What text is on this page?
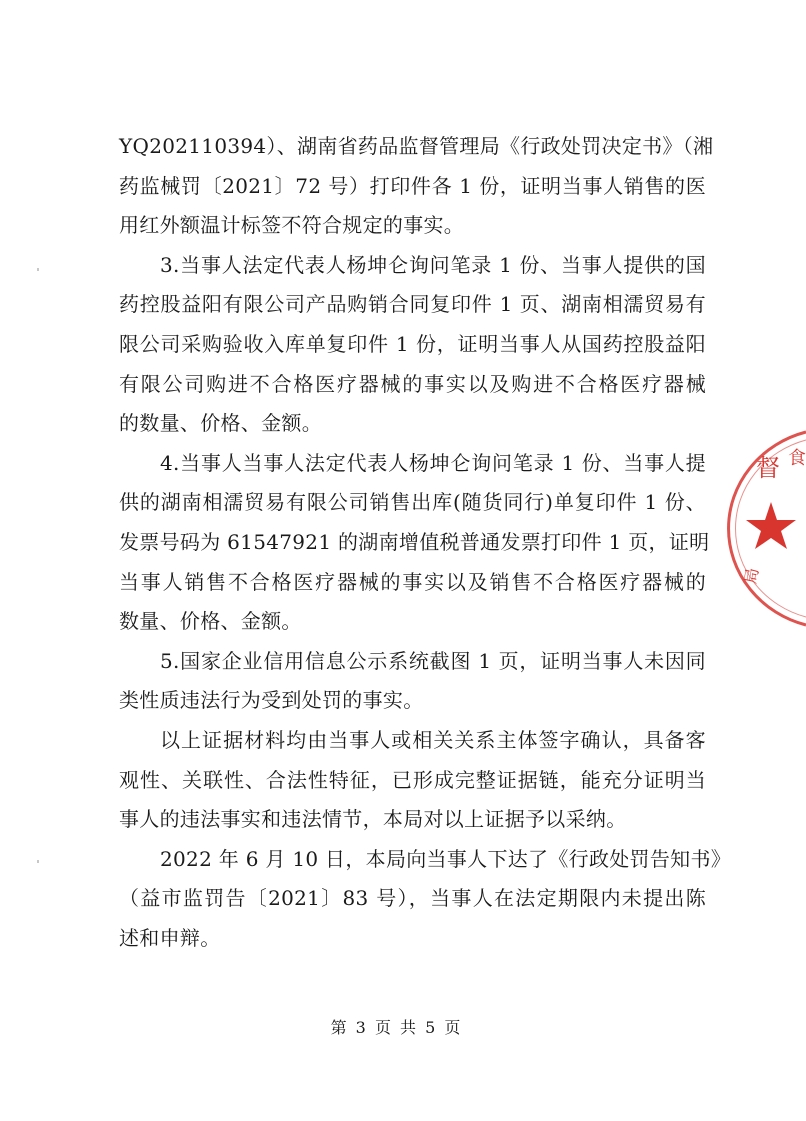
YQ202110394）、湖南省药品监督管理局《行政处罚决定书》（湘
药监械罚〔2021〕72 号）打印件各 1 份，证明当事人销售的医
用红外额温计标签不符合规定的事实。
3.当事人法定代表人杨坤仑询问笔录 1 份、当事人提供的国
药控股益阳有限公司产品购销合同复印件 1 页、湖南相濡贸易有
限公司采购验收入库单复印件 1 份，证明当事人从国药控股益阳
有限公司购进不合格医疗器械的事实以及购进不合格医疗器械
的数量、价格、金额。
4.当事人当事人法定代表人杨坤仑询问笔录 1 份、当事人提
供的湖南相濡贸易有限公司销售出库(随货同行)单复印件 1 份、
发票号码为 61547921 的湖南增值税普通发票打印件 1 页，证明
当事人销售不合格医疗器械的事实以及销售不合格医疗器械的
数量、价格、金额。
5.国家企业信用信息公示系统截图 1 页，证明当事人未因同
类性质违法行为受到处罚的事实。
以上证据材料均由当事人或相关关系主体签字确认，具备客
观性、关联性、合法性特征，已形成完整证据链，能充分证明当
事人的违法事实和违法情节，本局对以上证据予以采纳。
2022 年 6 月 10 日，本局向当事人下达了《行政处罚告知书》
（益市监罚告〔2021〕83 号），当事人在法定期限内未提出陈
述和申辩。
第 3 页 共 5 页
督 食
局
